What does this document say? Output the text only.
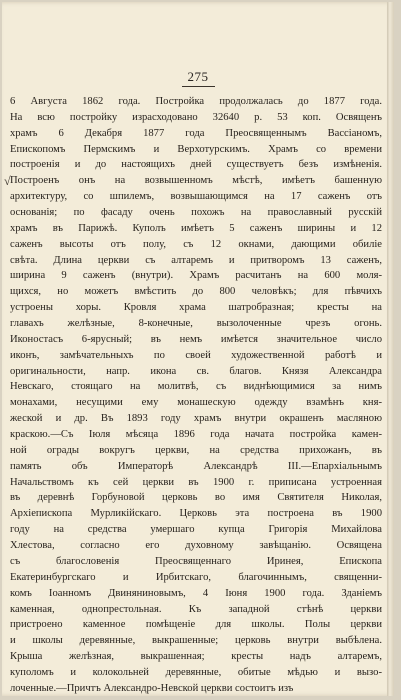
275
√
6 Августа 1862 года. Постройка продолжалась до 1877 года.
На всю постройку израсходовано 32640 р. 53 коп. Освященъ
храмъ 6 Декабря 1877 года Преосвященнымъ Вассіаномъ,
Епископомъ Пермскимъ и Верхотурскимъ. Храмъ со времени
построенія и до настоящихъ дней существуетъ безъ измѣненія.
Построенъ онъ на возвышенномъ мѣстѣ, имѣетъ башенную
архитектуру, со шпилемъ, возвышающимся на 17 саженъ отъ
основанія; по фасаду очень похожъ на православный русскій
храмъ въ Парижѣ. Куполъ имѣетъ 5 саженъ ширины и 12
саженъ высоты отъ полу, съ 12 окнами, дающими обиліе
свѣта. Длина церкви съ алтаремъ и притворомъ 13 саженъ,
ширина 9 саженъ (внутри). Храмъ расчитанъ на 600 моля-
щихся, но можетъ вмѣстить до 800 человѣкъ; для пѣвчихъ
устроены хоры. Кровля храма шатробразная; кресты на
главахъ желѣзные, 8-конечные, вызолоченные чрезъ огонь.
Иконостасъ 6-ярусный; въ немъ имѣется значительное число
иконъ, замѣчательныхъ по своей художественной работѣ и
оригинальности, напр. икона св. благов. Князя Александра
Невскаго, стоящаго на молитвѣ, съ виднѣющимися за нимъ
монахами, несущими ему монашескую одежду взамѣнъ кня-
жеской и др. Въ 1893 году храмъ внутри окрашенъ масляною
краскою.—Съ Іюля мѣсяца 1896 года начата постройка камен-
ной ограды вокругъ церкви, на средства прихожанъ, въ
память объ Императорѣ Александрѣ III.—Епархіальнымъ
Начальствомъ къ сей церкви въ 1900 г. приписана устроенная
въ деревнѣ Горбуновой церковь во имя Святителя Николая,
Архіепископа Мурликійскаго. Церковь эта построена въ 1900
году на средства умершаго купца Григорія Михайлова
Хлестова, согласно его духовному завѣщанію. Освящена
съ благословенія Преосвященнаго Иринея, Епископа
Екатеринбургскаго и Ирбитскаго, благочиннымъ, священни-
комъ Іоанномъ Двиняниновымъ, 4 Іюня 1900 года. Зданіемъ
каменная, однопрестольная. Къ западной стѣнѣ церкви
пристроено каменное помѣщеніе для школы. Полы церкви
и школы деревянные, выкрашенные; церковь внутри выбѣлена.
Крыша желѣзная, выкрашенная; кресты надъ алтаремъ,
куполомъ и колокольней деревянные, обитые мѣдью и вызо-
лоченные.—Причтъ Александро-Невской церкви состоитъ изъ
